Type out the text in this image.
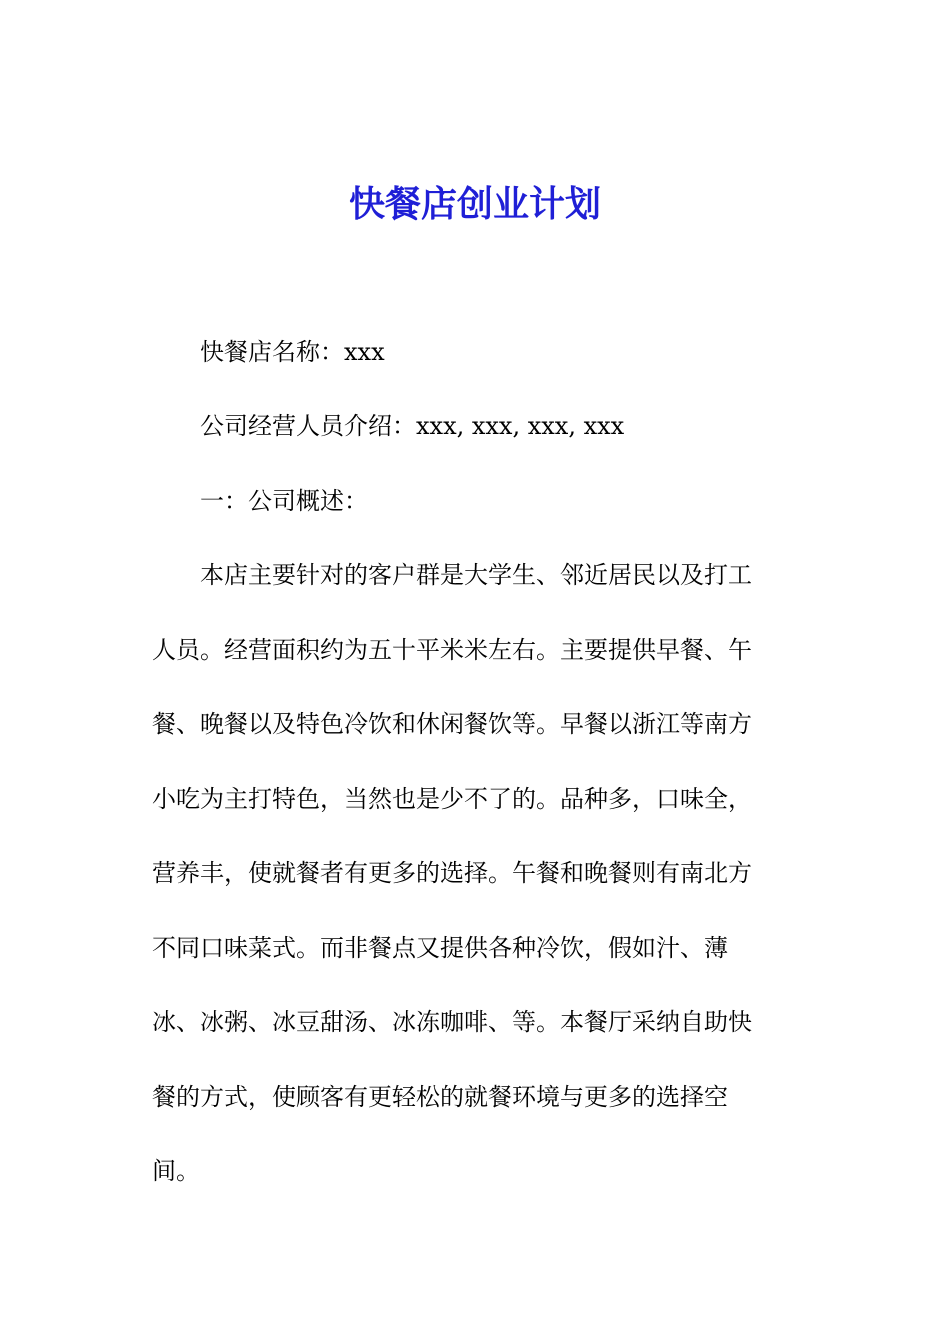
快餐店创业计划

快餐店名称：xxx

公司经营人员介绍：xxx, xxx, xxx, xxx

一：公司概述：

本店主要针对的客户群是大学生、邻近居民以及打工

人员。经营面积约为五十平米米左右。主要提供早餐、午

餐、晚餐以及特色冷饮和休闲餐饮等。早餐以浙江等南方

小吃为主打特色，当然也是少不了的。品种多，口味全，

营养丰，使就餐者有更多的选择。午餐和晚餐则有南北方

不同口味菜式。而非餐点又提供各种冷饮，假如汁、薄

冰、冰粥、冰豆甜汤、冰冻咖啡、等。本餐厅采纳自助快

餐的方式，使顾客有更轻松的就餐环境与更多的选择空

间。
